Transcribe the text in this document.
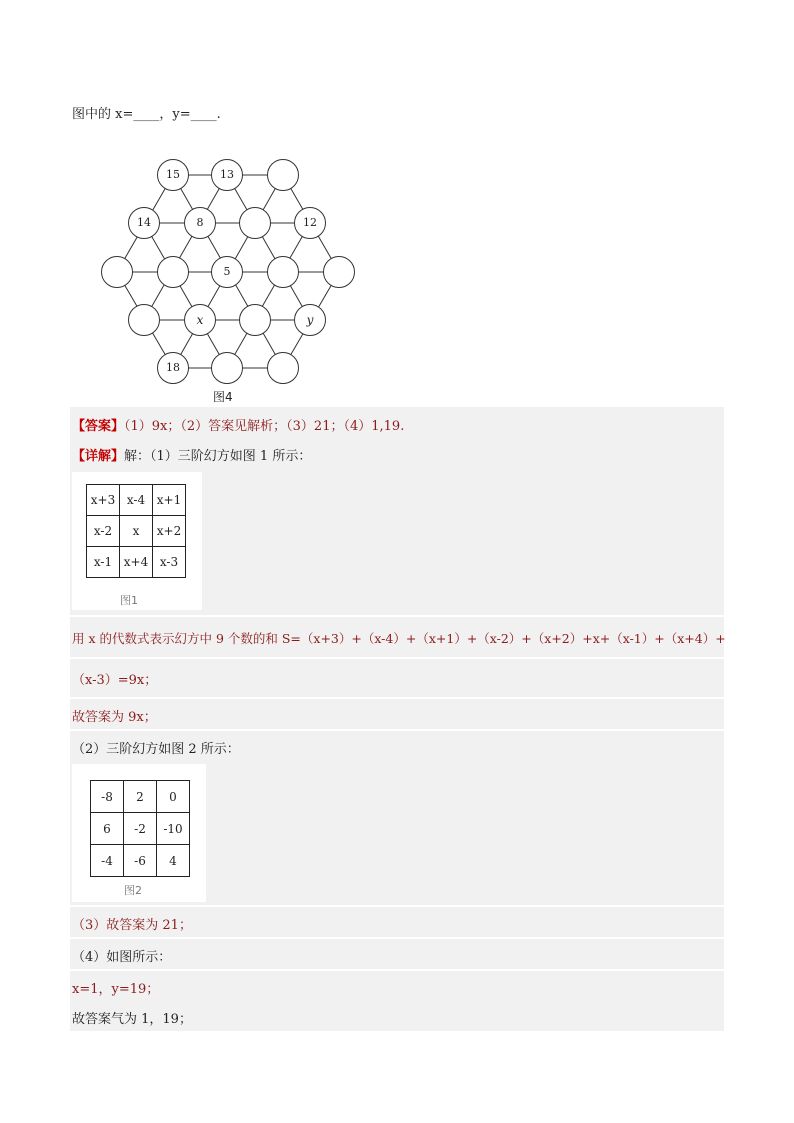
图中的 x=____，y=____.
15	13
14	8	12
5
x	y
18
图4
【答案】（1）9x；（2）答案见解析；（3）21；（4）1,19.
【详解】解：（1）三阶幻方如图 1 所示：
x+3	x-4	x+1
x-2	x	x+2
x-1	x+4	x-3
图1
用 x 的代数式表示幻方中 9 个数的和 S=（x+3）+（x-4）+（x+1）+（x-2）+（x+2）+x+（x-1）+（x+4）+
（x-3）=9x；
故答案为 9x；
（2）三阶幻方如图 2 所示：
-8	2	0
6	-2	-10
-4	-6	4
图2
（3）故答案为 21；
（4）如图所示：
x=1，y=19；
故答案气为 1，19；
